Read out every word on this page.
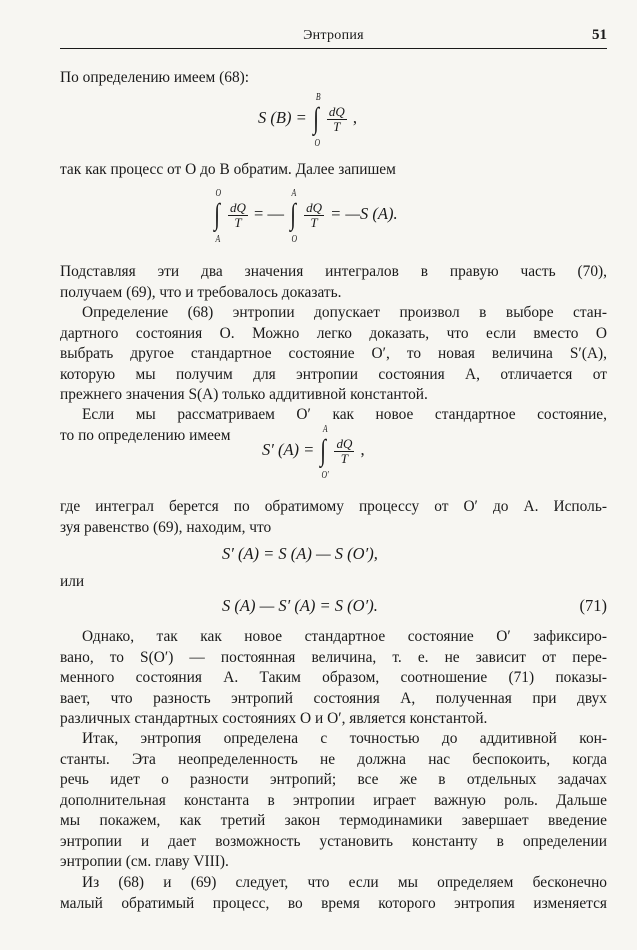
Энтропия	51

По определению имеем (68):

S (B) = ∫
B
O
$\frac{dQ}{T}$ ,

так как процесс от O до B обратим. Далее запишем

∫
O
A
$\frac{dQ}{T}$ = — ∫
A
O
$\frac{dQ}{T}$ = —S (A).

Подставляя эти два значения интегралов в правую часть (70),
получаем (69), что и требовалось доказать.

Определение (68) энтропии допускает произвол в выборе стан-
дартного состояния O. Можно легко доказать, что если вместо O
выбрать другое стандартное состояние O′, то новая величина S′(A),
которую мы получим для энтропии состояния A, отличается от
прежнего значения S(A) только аддитивной константой.

Если мы рассматриваем O′ как новое стандартное состояние,
то по определению имеем

S′ (A) = ∫
A
O′
$\frac{dQ}{T}$ ,

где интеграл берется по обратимому процессу от O′ до A. Исполь-
зуя равенство (69), находим, что

S′ (A) = S (A) — S (O′),

или

S (A) — S′ (A) = S (O′).	(71)

Однако, так как новое стандартное состояние O′ зафиксиро-
вано, то S(O′) — постоянная величина, т. е. не зависит от пере-
менного состояния A. Таким образом, соотношение (71) показы-
вает, что разность энтропий состояния A, полученная при двух
различных стандартных состояниях O и O′, является константой.

Итак, энтропия определена с точностью до аддитивной кон-
станты. Эта неопределенность не должна нас беспокоить, когда
речь идет о разности энтропий; все же в отдельных задачах
дополнительная константа в энтропии играет важную роль. Дальше
мы покажем, как третий закон термодинамики завершает введение
энтропии и дает возможность установить константу в определении
энтропии (см. главу VIII).

Из (68) и (69) следует, что если мы определяем бесконечно
малый обратимый процесс, во время которого энтропия изменяется
